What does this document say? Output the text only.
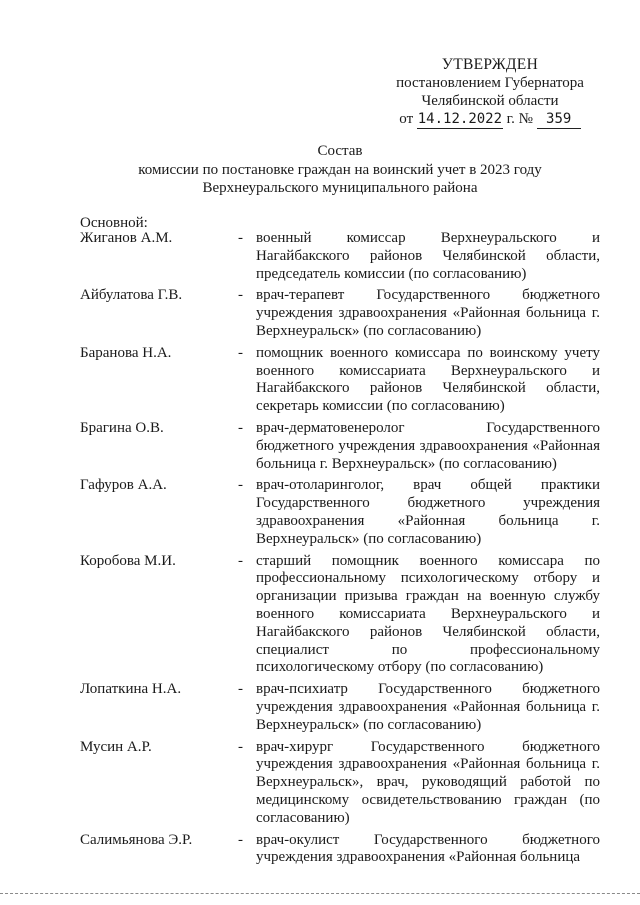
УТВЕРЖДЕН
постановлением Губернатора
Челябинской области
от 14.12.2022 г. № 359
Состав
комиссии по постановке граждан на воинский учет в 2023 году
Верхнеуральского муниципального района
Основной:
Жиганов А.М.	- военный комиссар Верхнеуральского и Нагайбакского районов Челябинской области, председатель комиссии (по согласованию)
Айбулатова Г.В.	- врач-терапевт Государственного бюджетного учреждения здравоохранения «Районная больница г. Верхнеуральск» (по согласованию)
Баранова Н.А.	- помощник военного комиссара по воинскому учету военного комиссариата Верхнеуральского и Нагайбакского районов Челябинской области, секретарь комиссии (по согласованию)
Брагина О.В.	- врач-дерматовенеролог Государственного бюджетного учреждения здравоохранения «Районная больница г. Верхнеуральск» (по согласованию)
Гафуров А.А.	- врач-отоларинголог, врач общей практики Государственного бюджетного учреждения здравоохранения «Районная больница г. Верхнеуральск» (по согласованию)
Коробова М.И.	- старший помощник военного комиссара по профессиональному психологическому отбору и организации призыва граждан на военную службу военного комиссариата Верхнеуральского и Нагайбакского районов Челябинской области, специалист по профессиональному психологическому отбору (по согласованию)
Лопаткина Н.А.	- врач-психиатр Государственного бюджетного учреждения здравоохранения «Районная больница г. Верхнеуральск» (по согласованию)
Мусин А.Р.	- врач-хирург Государственного бюджетного учреждения здравоохранения «Районная больница г. Верхнеуральск», врач, руководящий работой по медицинскому освидетельствованию граждан (по согласованию)
Салимьянова Э.Р.	- врач-окулист Государственного бюджетного учреждения здравоохранения «Районная больница
